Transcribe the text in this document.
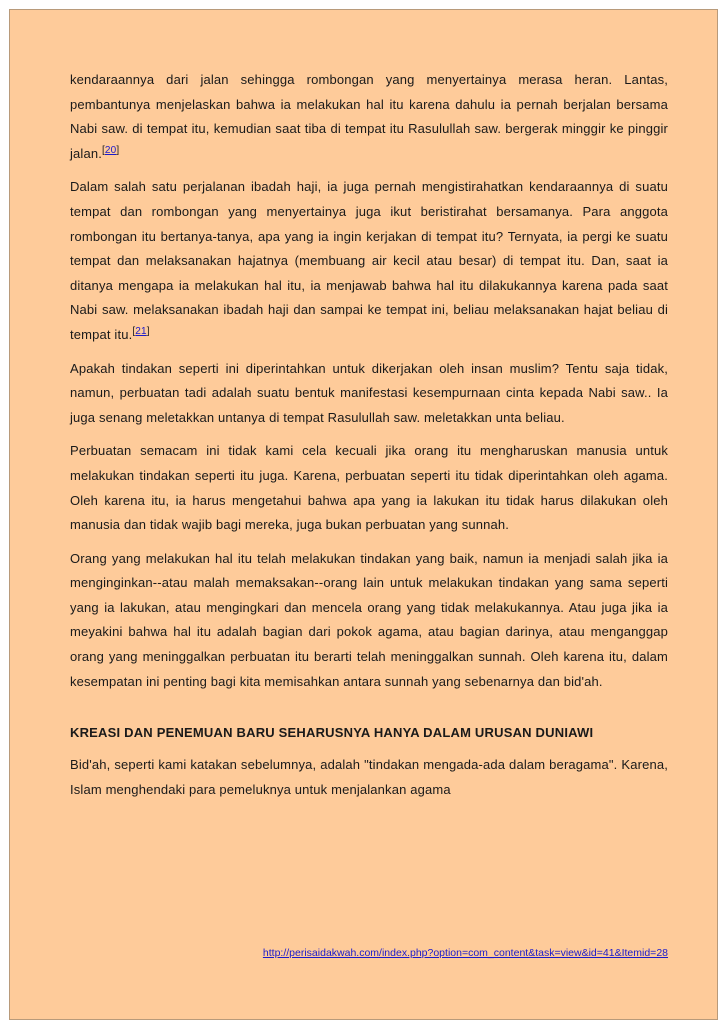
kendaraannya dari jalan sehingga rombongan yang menyertainya merasa heran. Lantas, pembantunya menjelaskan bahwa ia melakukan hal itu karena dahulu ia pernah berjalan bersama Nabi saw. di tempat itu, kemudian saat tiba di tempat itu Rasulullah saw. bergerak minggir ke pinggir jalan.[20]

Dalam salah satu perjalanan ibadah haji, ia juga pernah mengistirahatkan kendaraannya di suatu tempat dan rombongan yang menyertainya juga ikut beristirahat bersamanya. Para anggota rombongan itu bertanya-tanya, apa yang ia ingin kerjakan di tempat itu? Ternyata, ia pergi ke suatu tempat dan melaksanakan hajatnya (membuang air kecil atau besar) di tempat itu. Dan, saat ia ditanya mengapa ia melakukan hal itu, ia menjawab bahwa hal itu dilakukannya karena pada saat Nabi saw. melaksanakan ibadah haji dan sampai ke tempat ini, beliau melaksanakan hajat beliau di tempat itu.[21]

Apakah tindakan seperti ini diperintahkan untuk dikerjakan oleh insan muslim? Tentu saja tidak, namun, perbuatan tadi adalah suatu bentuk manifestasi kesempurnaan cinta kepada Nabi saw.. Ia juga senang meletakkan untanya di tempat Rasulullah saw. meletakkan unta beliau.

Perbuatan semacam ini tidak kami cela kecuali jika orang itu mengharuskan manusia untuk melakukan tindakan seperti itu juga. Karena, perbuatan seperti itu tidak diperintahkan oleh agama. Oleh karena itu, ia harus mengetahui bahwa apa yang ia lakukan itu tidak harus dilakukan oleh manusia dan tidak wajib bagi mereka, juga bukan perbuatan yang sunnah.

Orang yang melakukan hal itu telah melakukan tindakan yang baik, namun ia menjadi salah jika ia menginginkan--atau malah memaksakan--orang lain untuk melakukan tindakan yang sama seperti yang ia lakukan, atau mengingkari dan mencela orang yang tidak melakukannya. Atau juga jika ia meyakini bahwa hal itu adalah bagian dari pokok agama, atau bagian darinya, atau menganggap orang yang meninggalkan perbuatan itu berarti telah meninggalkan sunnah. Oleh karena itu, dalam kesempatan ini penting bagi kita memisahkan antara sunnah yang sebenarnya dan bid'ah.

KREASI DAN PENEMUAN BARU SEHARUSNYA HANYA DALAM URUSAN DUNIAWI

Bid'ah, seperti kami katakan sebelumnya, adalah "tindakan mengada-ada dalam beragama". Karena, Islam menghendaki para pemeluknya untuk menjalankan agama

http://perisaidakwah.com/index.php?option=com_content&task=view&id=41&Itemid=28
